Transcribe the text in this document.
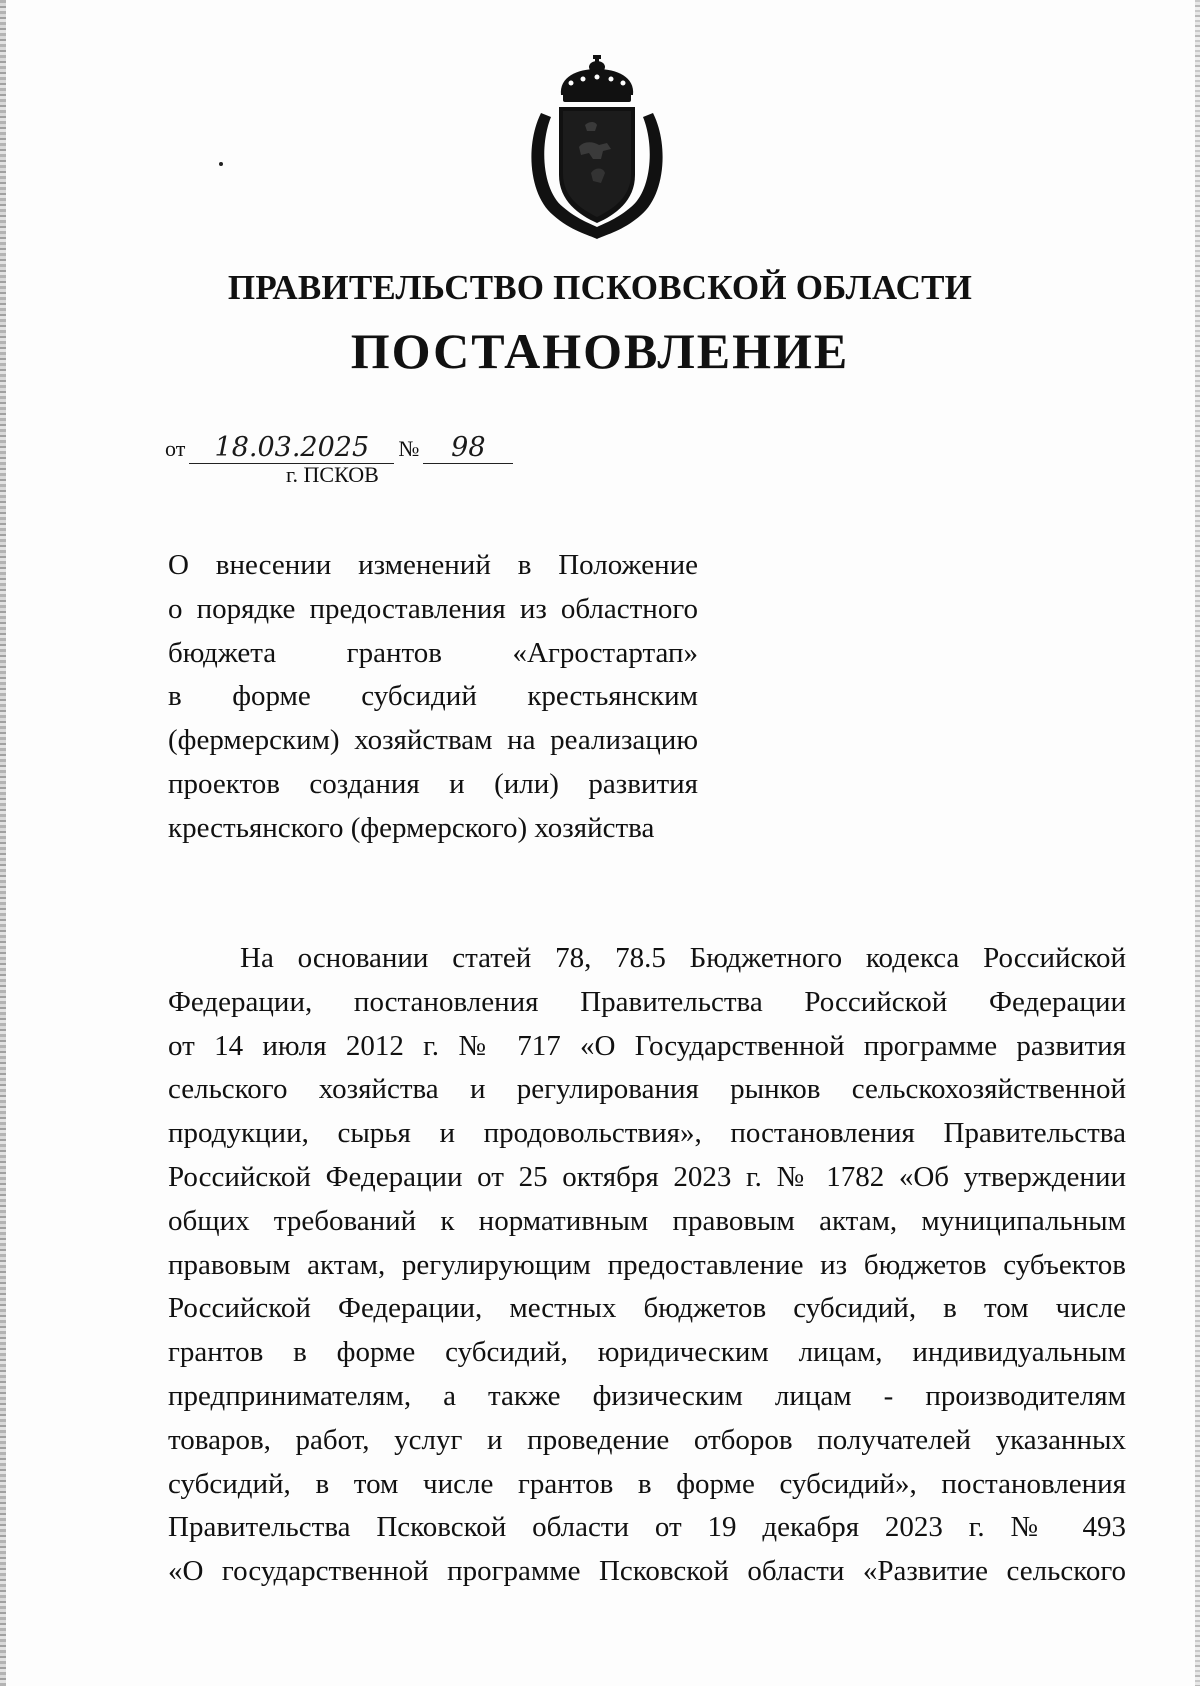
ПРАВИТЕЛЬСТВО ПСКОВСКОЙ ОБЛАСТИ
ПОСТАНОВЛЕНИЕ
от 18.03.2025 № 98
г. ПСКОВ
О внесении изменений в Положение
о порядке предоставления из областного
бюджета грантов «Агростартап»
в форме субсидий крестьянским
(фермерским) хозяйствам на реализацию
проектов создания и (или) развития
крестьянского (фермерского) хозяйства
На основании статей 78, 78.5 Бюджетного кодекса Российской
Федерации, постановления Правительства Российской Федерации
от 14 июля 2012 г. № 717 «О Государственной программе развития
сельского хозяйства и регулирования рынков сельскохозяйственной
продукции, сырья и продовольствия», постановления Правительства
Российской Федерации от 25 октября 2023 г. № 1782 «Об утверждении
общих требований к нормативным правовым актам, муниципальным
правовым актам, регулирующим предоставление из бюджетов субъектов
Российской Федерации, местных бюджетов субсидий, в том числе
грантов в форме субсидий, юридическим лицам, индивидуальным
предпринимателям, а также физическим лицам - производителям
товаров, работ, услуг и проведение отборов получателей указанных
субсидий, в том числе грантов в форме субсидий», постановления
Правительства Псковской области от 19 декабря 2023 г. № 493
«О государственной программе Псковской области «Развитие сельского
